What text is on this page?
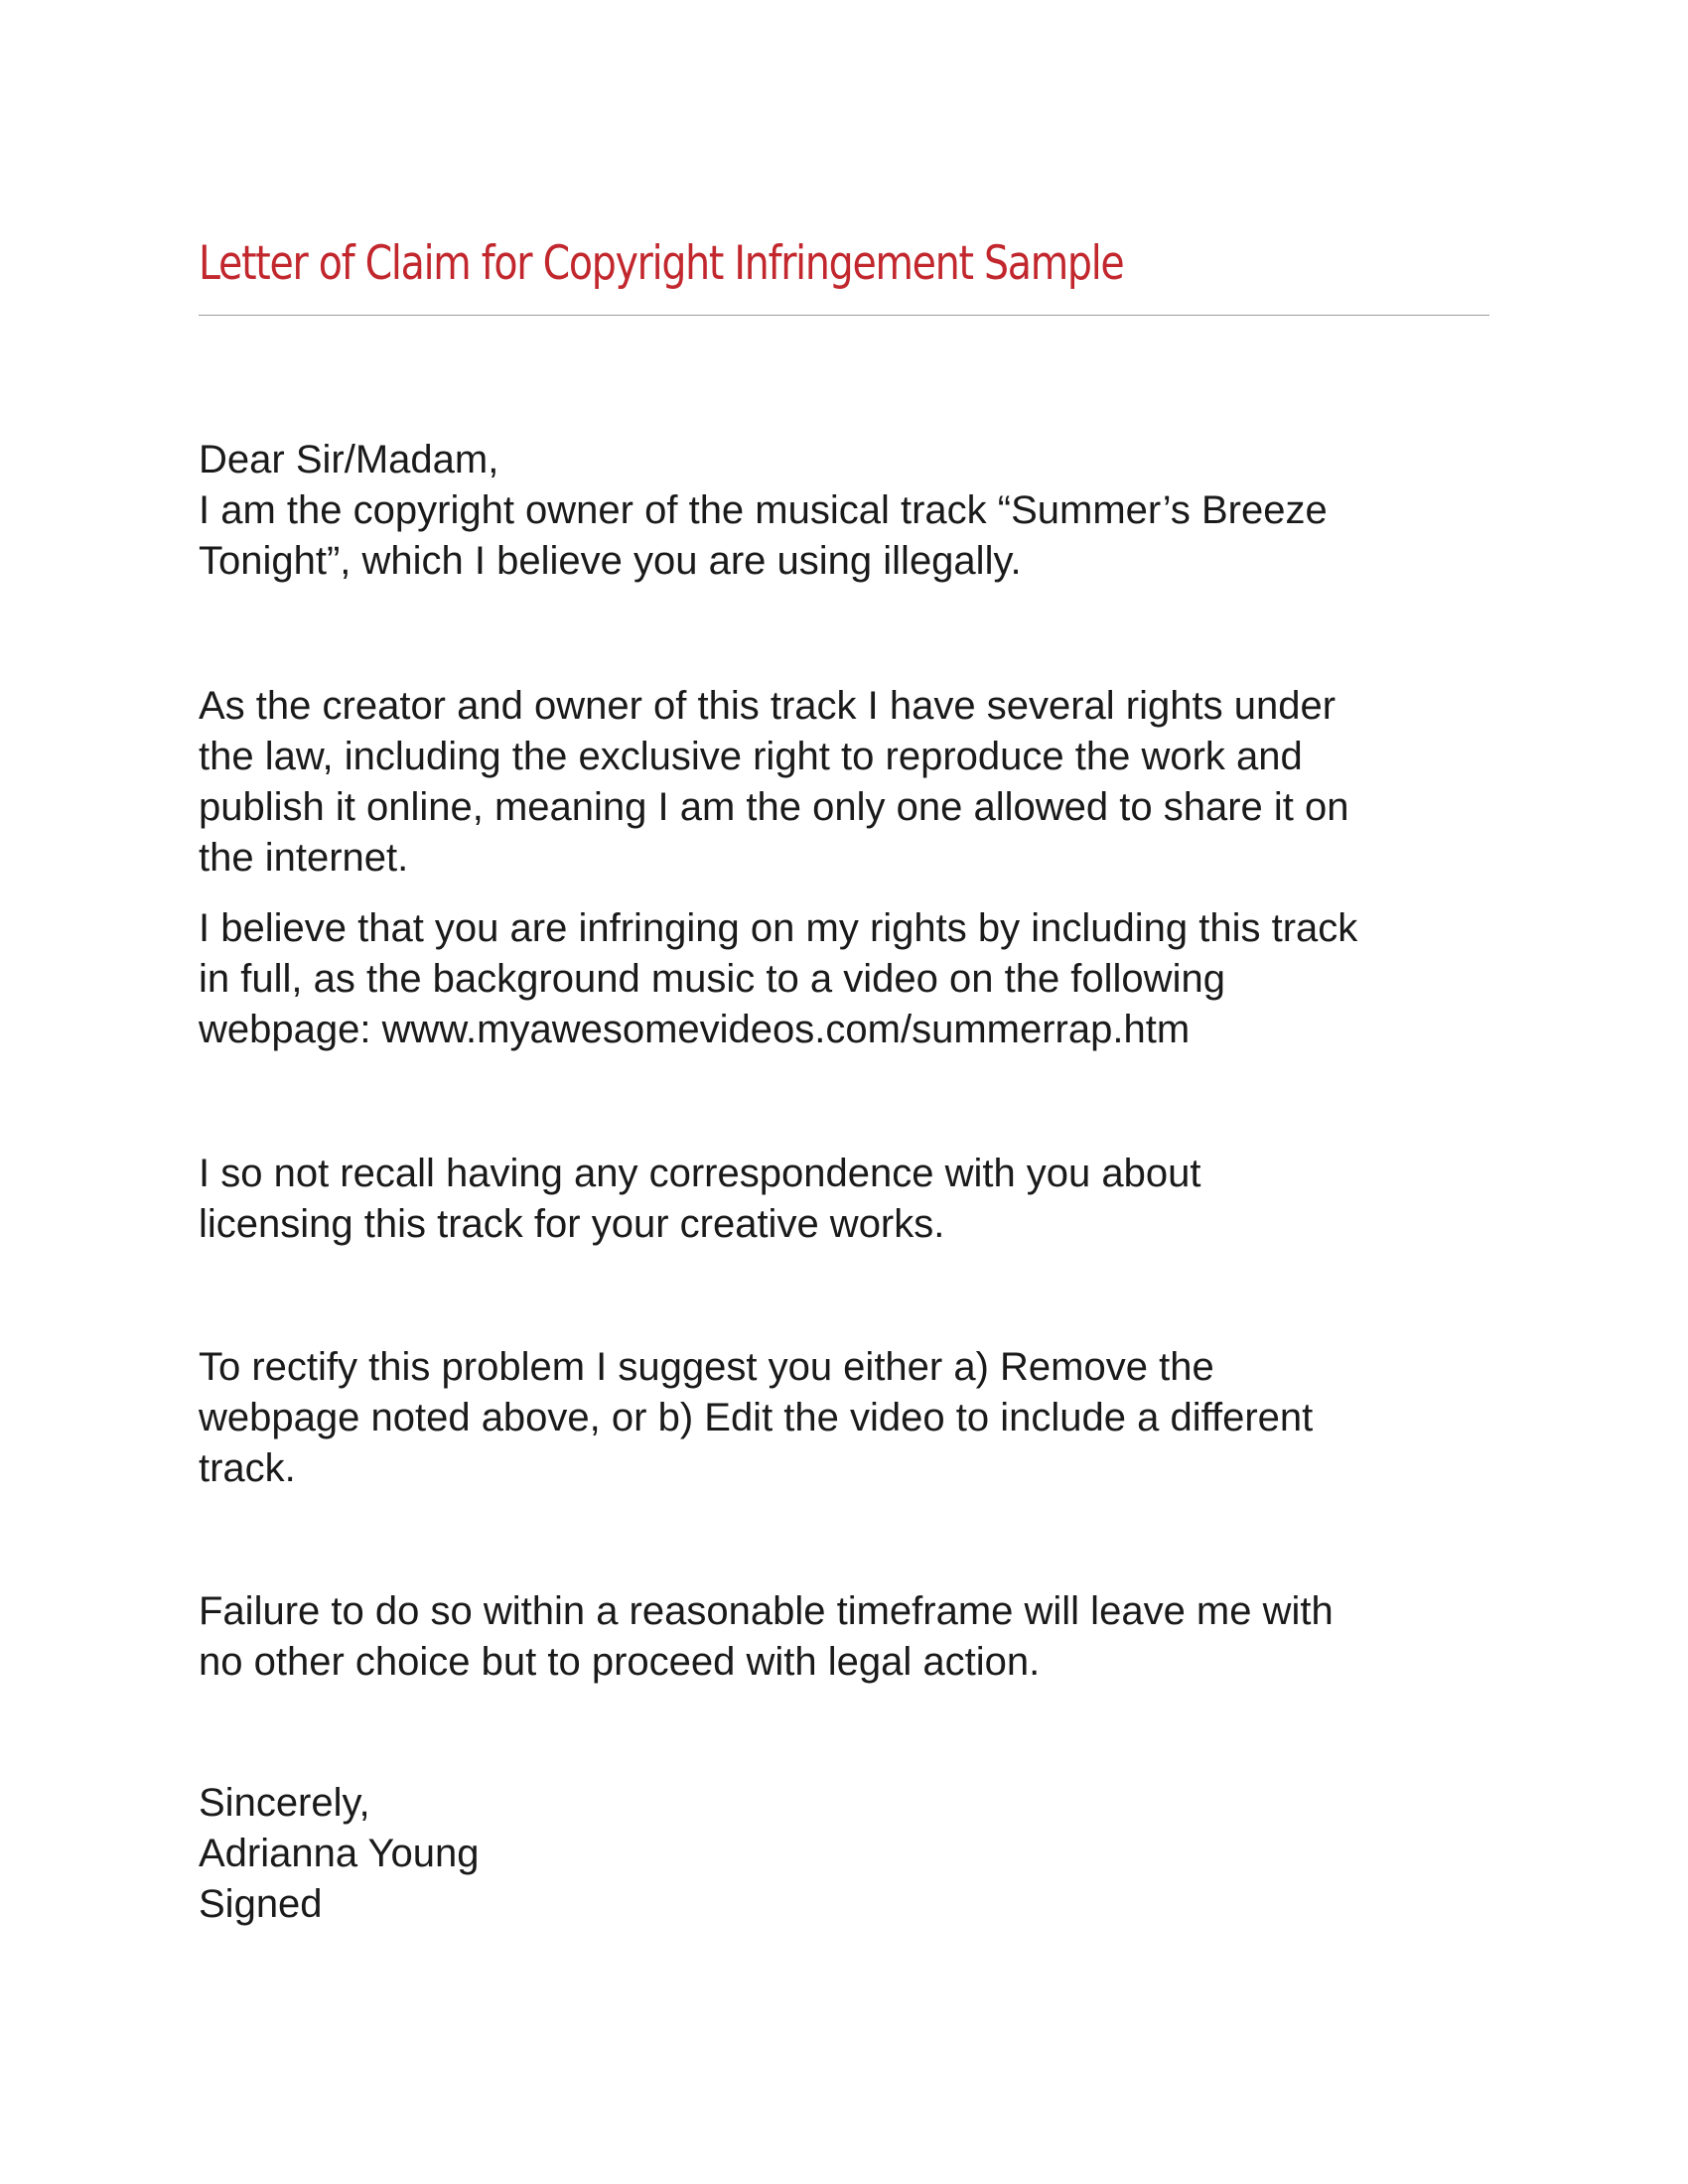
Letter of Claim for Copyright Infringement Sample
Dear Sir/Madam,
I am the copyright owner of the musical track “Summer’s Breeze
Tonight”, which I believe you are using illegally.
As the creator and owner of this track I have several rights under
the law, including the exclusive right to reproduce the work and
publish it online, meaning I am the only one allowed to share it on
the internet.
I believe that you are infringing on my rights by including this track
in full, as the background music to a video on the following
webpage: www.myawesomevideos.com/summerrap.htm
I so not recall having any correspondence with you about
licensing this track for your creative works.
To rectify this problem I suggest you either a) Remove the
webpage noted above, or b) Edit the video to include a different
track.
Failure to do so within a reasonable timeframe will leave me with
no other choice but to proceed with legal action.
Sincerely,
Adrianna Young
Signed
